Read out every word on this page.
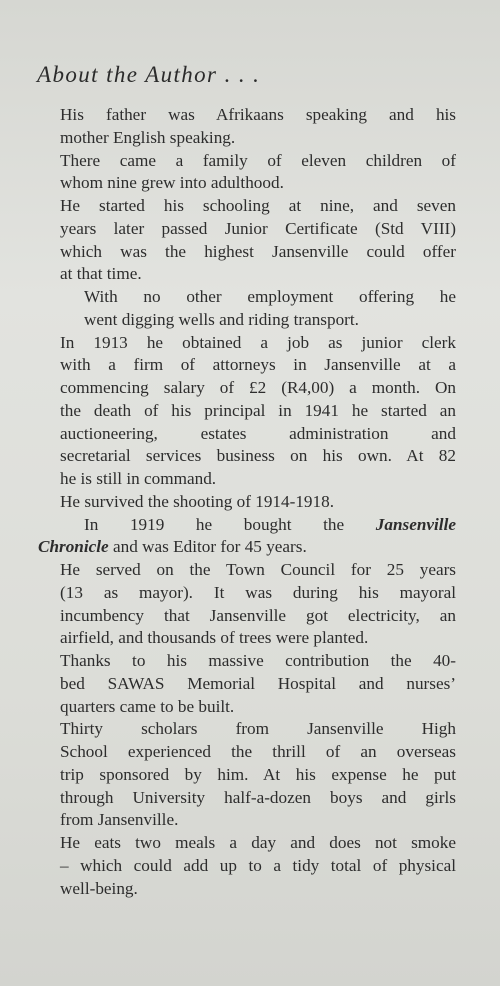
About the Author . . .

His father was Afrikaans speaking and his
mother English speaking.

There came a family of eleven children of
whom nine grew into adulthood.

He started his schooling at nine, and seven
years later passed Junior Certificate (Std VIII)
which was the highest Jansenville could offer
at that time.

With no other employment offering he
went digging wells and riding transport.

In 1913 he obtained a job as junior clerk
with a firm of attorneys in Jansenville at a
commencing salary of £2 (R4,00) a month. On
the death of his principal in 1941 he started an
auctioneering, estates administration and
secretarial services business on his own. At 82
he is still in command.

He survived the shooting of 1914-1918.

In 1919 he bought the Jansenville
Chronicle and was Editor for 45 years.

He served on the Town Council for 25 years
(13 as mayor). It was during his mayoral
incumbency that Jansenville got electricity, an
airfield, and thousands of trees were planted.

Thanks to his massive contribution the 40-
bed SAWAS Memorial Hospital and nurses’
quarters came to be built.

Thirty scholars from Jansenville High
School experienced the thrill of an overseas
trip sponsored by him. At his expense he put
through University half-a-dozen boys and girls
from Jansenville.

He eats two meals a day and does not smoke
– which could add up to a tidy total of physical
well-being.
